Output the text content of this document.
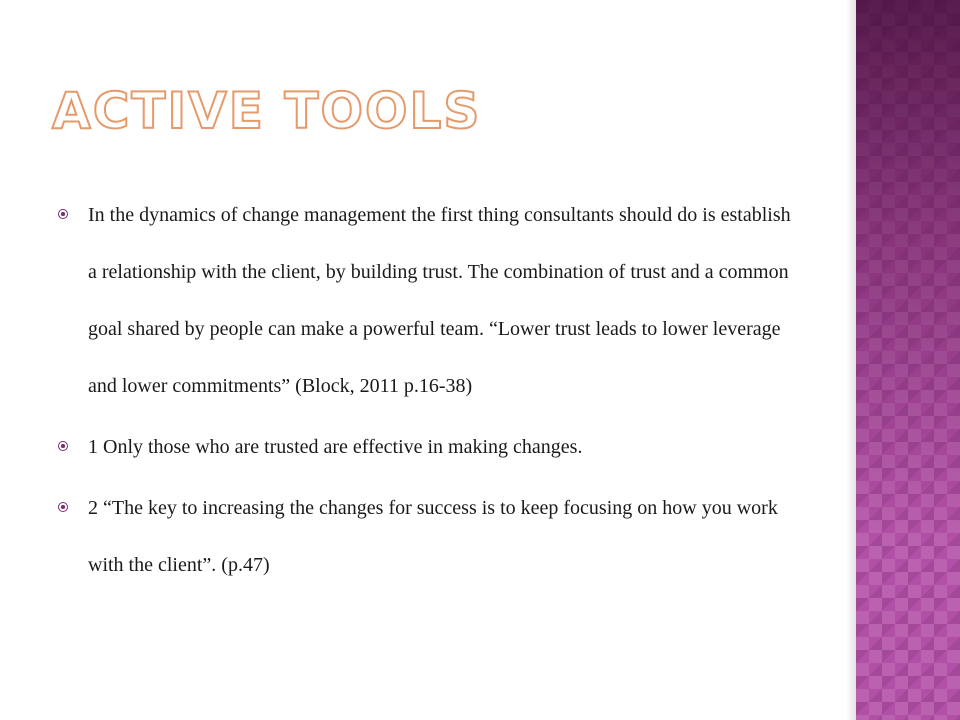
ACTIVE TOOLS
In the dynamics of change management the first thing consultants should do is establish a relationship with the client, by building trust. The combination of trust and a common goal shared by people can make a powerful team. “Lower trust leads to lower leverage and lower commitments” (Block, 2011 p.16-38)
1 Only those who are trusted are effective in making changes.
2 “The key to increasing the changes for success is to keep focusing on how you work with the client”. (p.47)
